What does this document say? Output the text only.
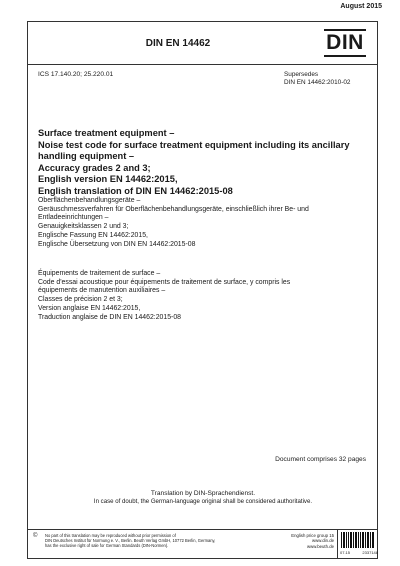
August 2015
DIN EN 14462	DIN
ICS 17.140.20; 25.220.01	Supersedes
DIN EN 14462:2010-02
Surface treatment equipment –
Noise test code for surface treatment equipment including its ancillary
handling equipment –
Accuracy grades 2 and 3;
English version EN 14462:2015,
English translation of DIN EN 14462:2015-08
Oberflächenbehandlungsgeräte –
Geräuschmessverfahren für Oberflächenbehandlungsgeräte, einschließlich ihrer Be- und
Entladeeinrichtungen –
Genauigkeitsklassen 2 und 3;
Englische Fassung EN 14462:2015,
Englische Übersetzung von DIN EN 14462:2015-08
Équipements de traitement de surface –
Code d'essai acoustique pour équipements de traitement de surface, y compris les
équipements de manutention auxiliaires –
Classes de précision 2 et 3;
Version anglaise EN 14462:2015,
Traduction anglaise de DIN EN 14462:2015-08
Document comprises 32 pages
Translation by DIN-Sprachendienst.
In case of doubt, the German-language original shall be considered authoritative.
© No part of this translation may be reproduced without prior permission of
DIN Deutsches Institut für Normung e. V., Berlin. Beuth Verlag GmbH, 10772 Berlin, Germany,
has the exclusive right of sale for German Standards (DIN-Normen).
English price group 15
www.din.de
www.beuth.de
07.15	2337148
